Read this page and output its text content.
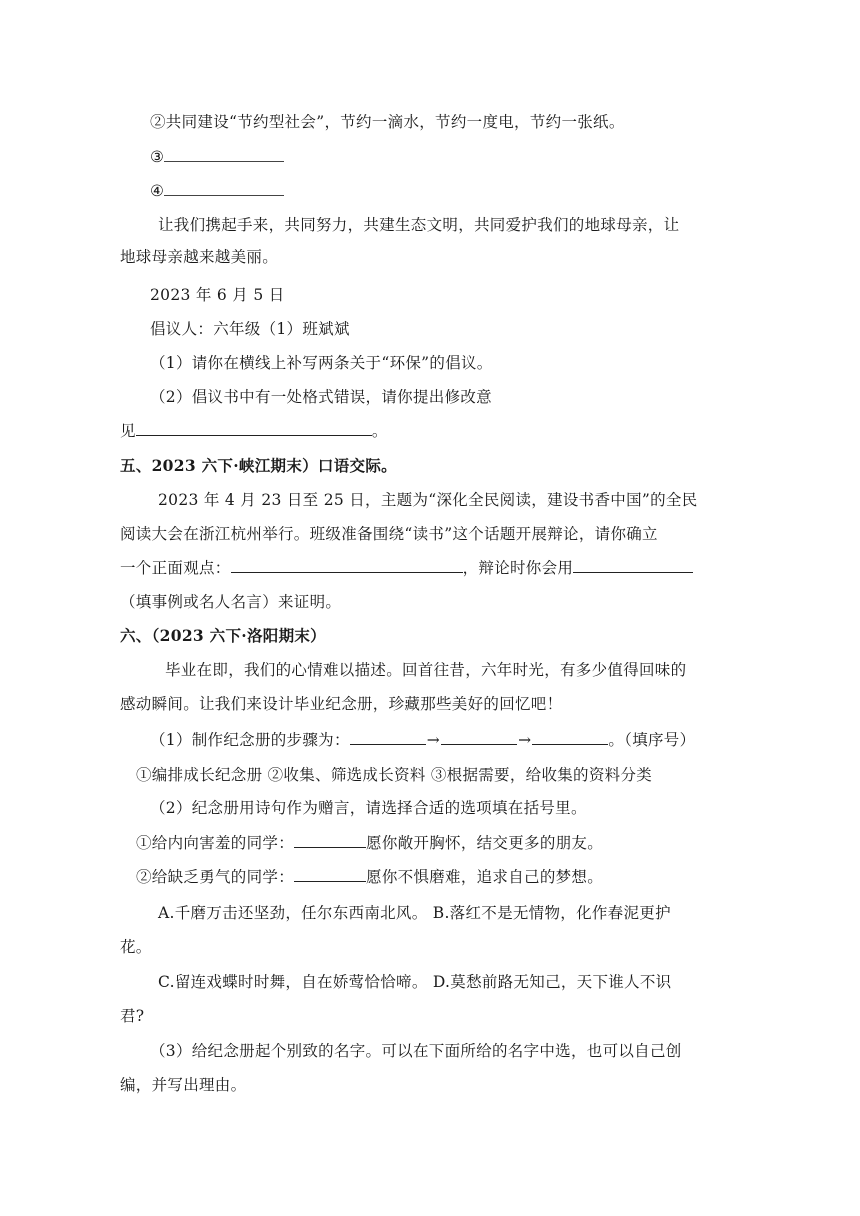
②共同建设“节约型社会”，节约一滴水，节约一度电，节约一张纸。
③
④
让我们携起手来，共同努力，共建生态文明，共同爱护我们的地球母亲，让
地球母亲越来越美丽。
2023 年 6 月 5 日
倡议人：六年级（1）班斌斌
（1）请你在横线上补写两条关于“环保”的倡议。
（2）倡议书中有一处格式错误，请你提出修改意
见	。
五、2023 六下·峡江期末）口语交际。
2023 年 4 月 23 日至 25 日，主题为“深化全民阅读，建设书香中国”的全民
阅读大会在浙江杭州举行。班级准备围绕“读书”这个话题开展辩论，请你确立
一个正面观点：	，辩论时你会用
（填事例或名人名言）来证明。
六、（2023 六下·洛阳期末）
毕业在即，我们的心情难以描述。回首往昔，六年时光，有多少值得回味的
感动瞬间。让我们来设计毕业纪念册，珍藏那些美好的回忆吧！
（1）制作纪念册的步骤为：	→	→	。（填序号）
①编排成长纪念册 ②收集、筛选成长资料 ③根据需要，给收集的资料分类
（2）纪念册用诗句作为赠言，请选择合适的选项填在括号里。
①给内向害羞的同学：	愿你敞开胸怀，结交更多的朋友。
②给缺乏勇气的同学：	愿你不惧磨难，追求自己的梦想。
A.千磨万击还坚劲，任尔东西南北风。 B.落红不是无情物，化作春泥更护
花。
C.留连戏蝶时时舞，自在娇莺恰恰啼。 D.莫愁前路无知己，天下谁人不识
君?
（3）给纪念册起个别致的名字。可以在下面所给的名字中选，也可以自己创
编，并写出理由。
